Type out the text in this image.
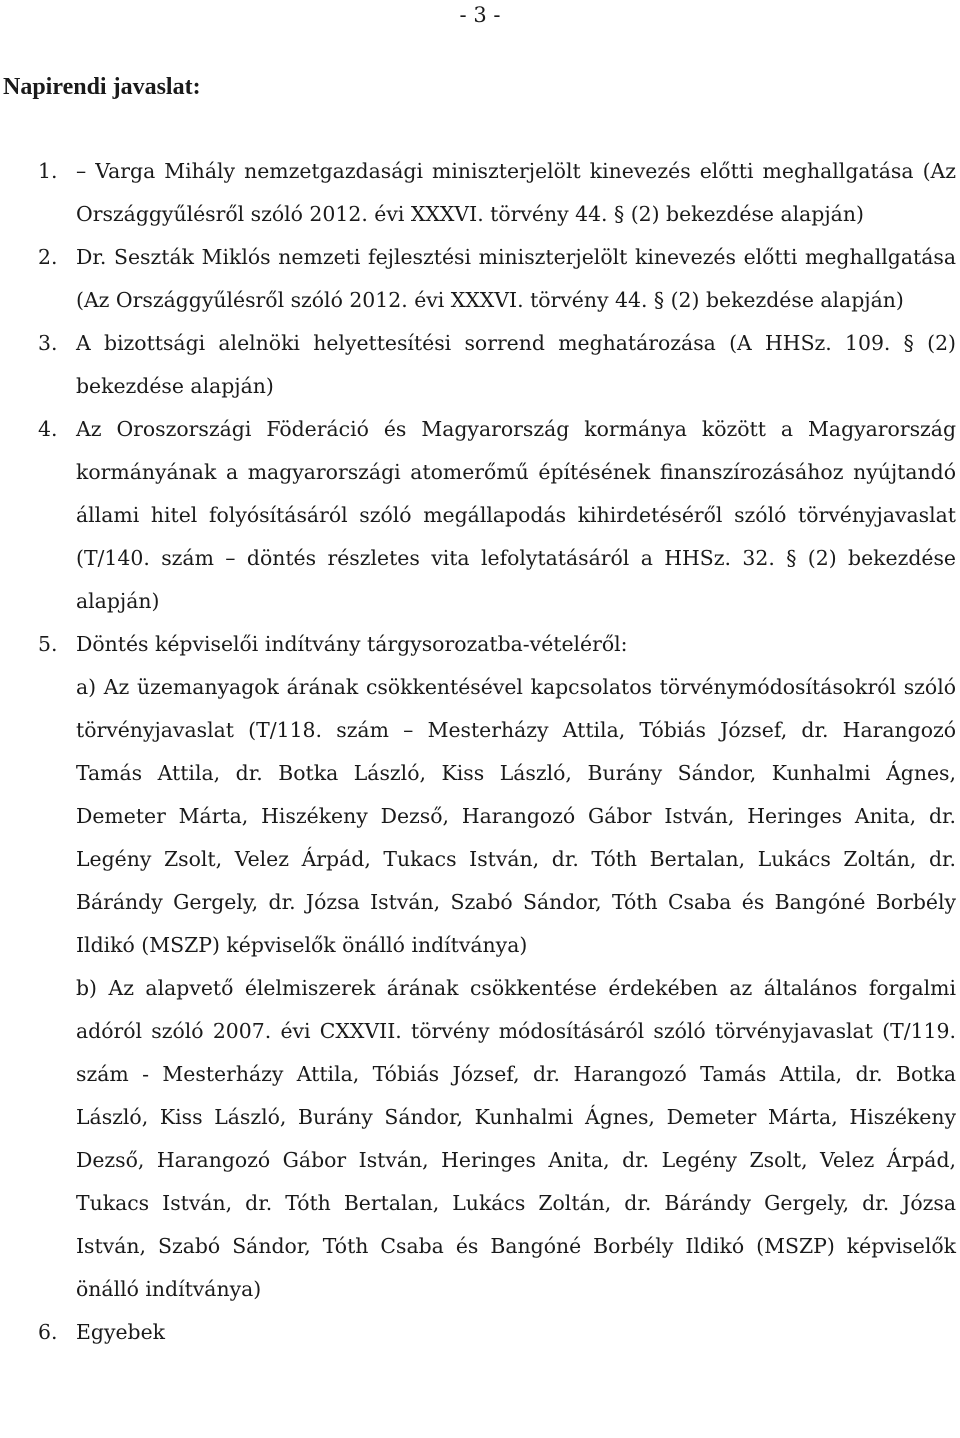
- 3 -
Napirendi javaslat:
1. – Varga Mihály nemzetgazdasági miniszterjelölt kinevezés előtti meghallgatása (Az Országgyűlésről szóló 2012. évi XXXVI. törvény 44. § (2) bekezdése alapján)
2. Dr. Seszták Miklós nemzeti fejlesztési miniszterjelölt kinevezés előtti meghallgatása (Az Országgyűlésről szóló 2012. évi XXXVI. törvény 44. § (2) bekezdése alapján)
3. A bizottsági alelnöki helyettesítési sorrend meghatározása (A HHSz. 109. § (2) bekezdése alapján)
4. Az Oroszországi Föderáció és Magyarország kormánya között a Magyarország kormányának a magyarországi atomerőmű építésének finanszírozásához nyújtandó állami hitel folyósításáról szóló megállapodás kihirdetéséről szóló törvényjavaslat (T/140. szám – döntés részletes vita lefolytatásáról a HHSz. 32. § (2) bekezdése alapján)
5. Döntés képviselői indítvány tárgysorozatba-vételéről:
a) Az üzemanyagok árának csökkentésével kapcsolatos törvénymódosításokról szóló törvényjavaslat (T/118. szám – Mesterházy Attila, Tóbiás József, dr. Harangozó Tamás Attila, dr. Botka László, Kiss László, Burány Sándor, Kunhalmi Ágnes, Demeter Márta, Hiszékeny Dezső, Harangozó Gábor István, Heringes Anita, dr. Legény Zsolt, Velez Árpád, Tukacs István, dr. Tóth Bertalan, Lukács Zoltán, dr. Bárándy Gergely, dr. Józsa István, Szabó Sándor, Tóth Csaba és Bangóné Borbély Ildikó (MSZP) képviselők önálló indítványa)
b) Az alapvető élelmiszerek árának csökkentése érdekében az általános forgalmi adóról szóló 2007. évi CXXVII. törvény módosításáról szóló törvényjavaslat (T/119. szám - Mesterházy Attila, Tóbiás József, dr. Harangozó Tamás Attila, dr. Botka László, Kiss László, Burány Sándor, Kunhalmi Ágnes, Demeter Márta, Hiszékeny Dezső, Harangozó Gábor István, Heringes Anita, dr. Legény Zsolt, Velez Árpád, Tukacs István, dr. Tóth Bertalan, Lukács Zoltán, dr. Bárándy Gergely, dr. Józsa István, Szabó Sándor, Tóth Csaba és Bangóné Borbély Ildikó (MSZP) képviselők önálló indítványa)
6. Egyebek
